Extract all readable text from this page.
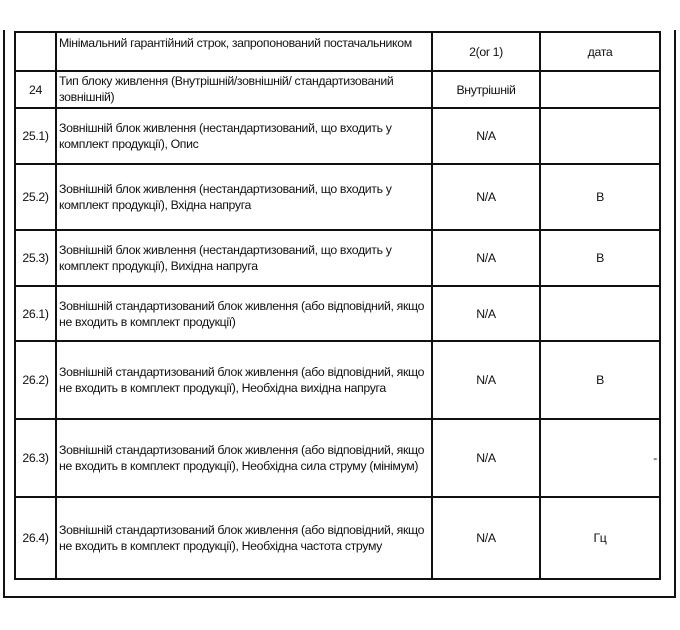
	Мінімальний гарантійний строк, запропонований постачальником	2(or 1)	дата
24	Тип блоку живлення (Внутрішній/зовнішній/ стандартизований зовнішній)	Внутрішній	
25.1)	Зовнішній блок живлення (нестандартизований, що входить у комплект продукції), Опис	N/A	
25.2)	Зовнішній блок живлення (нестандартизований, що входить у комплект продукції), Вхідна напруга	N/A	В
25.3)	Зовнішній блок живлення (нестандартизований, що входить у комплект продукції), Вихідна напруга	N/A	В
26.1)	Зовнішній стандартизований блок живлення (або відповідний, якщо не входить в комплект продукції)	N/A	
26.2)	Зовнішній стандартизований блок живлення (або відповідний, якщо не входить в комплект продукції), Необхідна вихідна напруга	N/A	В
26.3)	Зовнішній стандартизований блок живлення (або відповідний, якщо не входить в комплект продукції), Необхідна сила струму (мінімум)	N/A	-
26.4)	Зовнішній стандартизований блок живлення (або відповідний, якщо не входить в комплект продукції), Необхідна частота струму	N/A	Гц
